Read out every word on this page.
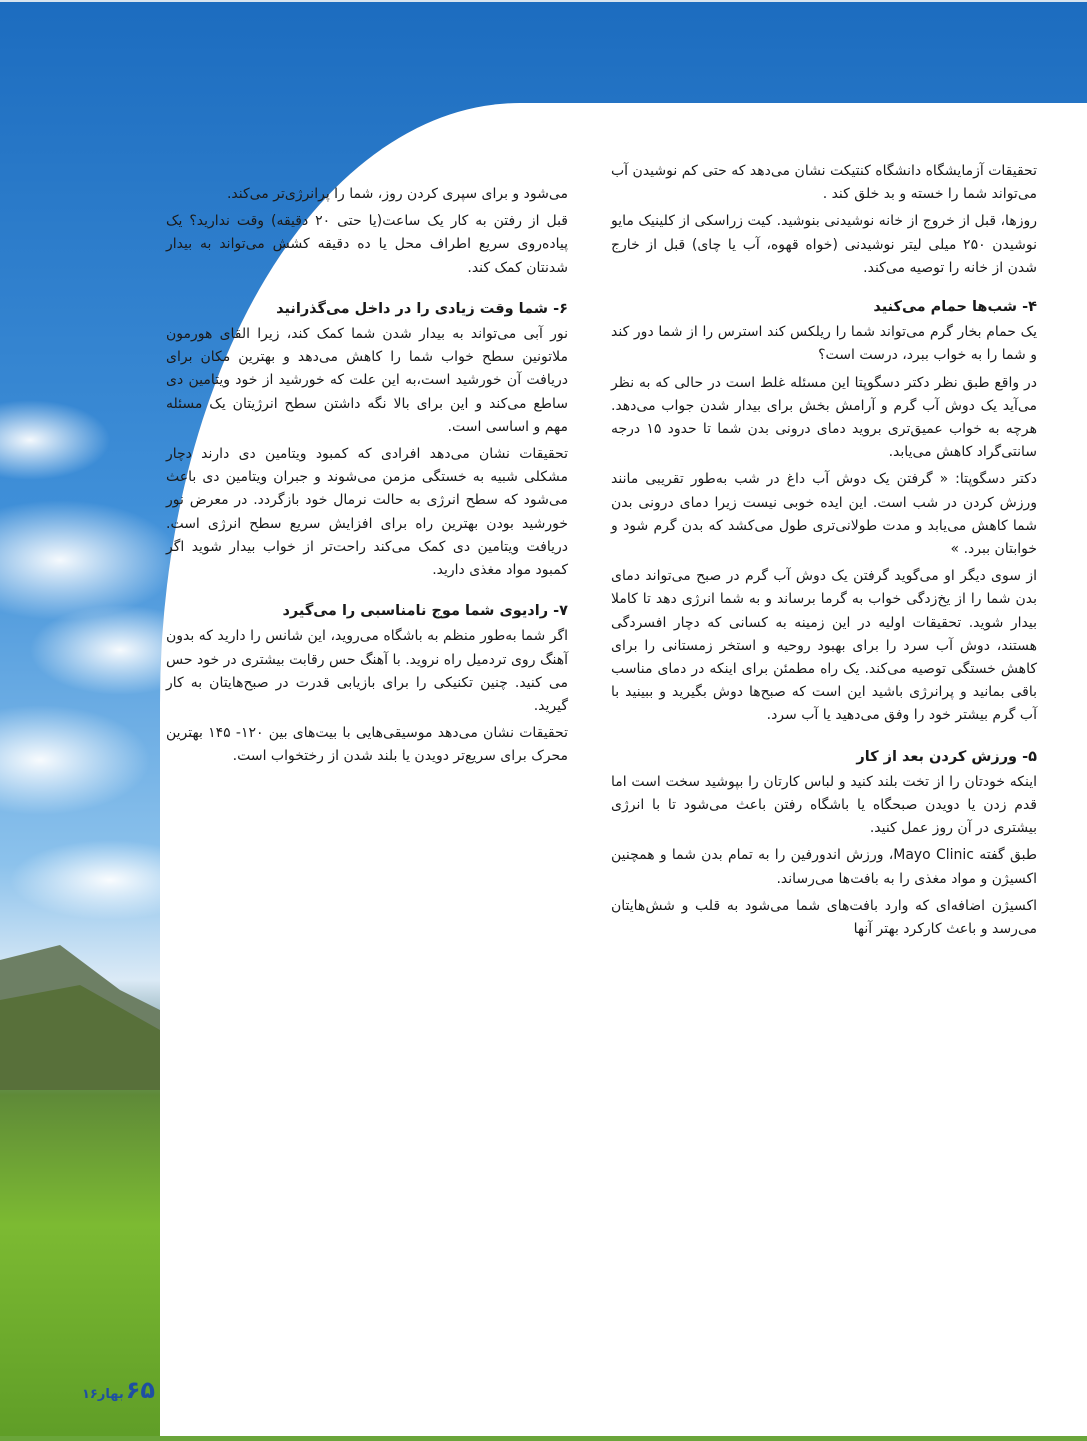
تحقیقات آزمایشگاه دانشگاه کنتیکت نشان می‌دهد که حتی کم نوشیدن آب می‌تواند شما را خسته و بد خلق کند .

روزها، قبل از خروج از خانه نوشیدنی بنوشید. کیت زراسکی از کلینیک مایو نوشیدن ۲۵۰ میلی لیتر نوشیدنی (خواه قهوه، آب یا چای) قبل از خارج شدن از خانه را توصیه می‌کند.

۴- شب‌ها حمام می‌کنید

یک حمام بخار گرم می‌تواند شما را ریلکس کند استرس را از شما دور کند و شما را به خواب ببرد، درست است؟

در واقع طبق نظر دکتر دسگوپتا این مسئله غلط است در حالی که به نظر می‌آید یک دوش آب گرم و آرامش بخش برای بیدار شدن جواب می‌دهد. هرچه به خواب عمیق‌تری بروید دمای درونی بدن شما تا حدود ۱۵ درجه سانتی‌گراد کاهش می‌یابد.

دکتر دسگوپتا: « گرفتن یک دوش آب داغ در شب به‌طور تقریبی مانند ورزش کردن در شب است. این ایده خوبی نیست زیرا دمای درونی بدن شما کاهش می‌یابد و مدت طولانی‌تری طول می‌کشد که بدن گرم شود و خوابتان ببرد. »

از سوی دیگر او می‌گوید گرفتن یک دوش آب گرم در صبح می‌تواند دمای بدن شما را از یخ‌زدگی خواب به گرما برساند و به شما انرژی دهد تا کاملا بیدار شوید. تحقیقات اولیه در این زمینه به کسانی که دچار افسردگی هستند، دوش آب سرد را برای بهبود روحیه و استخر زمستانی را برای کاهش خستگی توصیه می‌کند. یک راه مطمئن برای اینکه در دمای مناسب باقی بمانید و پرانرژی باشید این است که صبح‌ها دوش بگیرید و ببینید با آب گرم بیشتر خود را وفق می‌دهید یا آب سرد.

۵- ورزش کردن بعد از کار

اینکه خودتان را از تخت بلند کنید و لباس کارتان را بپوشید سخت است اما قدم زدن یا دویدن صبحگاه یا باشگاه رفتن باعث می‌شود تا با انرژی بیشتری در آن روز عمل کنید.

طبق گفته Mayo Clinic، ورزش اندورفین را به تمام بدن شما و همچنین اکسیژن و مواد مغذی را به بافت‌ها می‌رساند.

اکسیژن اضافه‌ای که وارد بافت‌های شما می‌شود به قلب و شش‌هایتان می‌رسد و باعث کارکرد بهتر آنها

می‌شود و برای سپری کردن روز، شما را پرانرژی‌تر می‌کند.

قبل از رفتن به کار یک ساعت(یا حتی ۲۰ دقیقه) وقت ندارید؟ یک پیاده‌روی سریع اطراف محل یا ده دقیقه کشش می‌تواند به بیدار شدنتان کمک کند.

۶- شما وقت زیادی را در داخل می‌گذرانید

نور آبی می‌تواند به بیدار شدن شما کمک کند، زیرا القای هورمون ملاتونین سطح خواب شما را کاهش می‌دهد و بهترین مکان برای دریافت آن خورشید است،به این علت که خورشید از خود ویتامین دی ساطع می‌کند و این برای بالا نگه داشتن سطح انرژیتان یک مسئله مهم و اساسی است.

تحقیقات نشان می‌دهد افرادی که کمبود ویتامین دی دارند دچار مشکلی شبیه به خستگی مزمن می‌شوند و جبران ویتامین دی باعث می‌شود که سطح انرژی به حالت نرمال خود بازگردد. در معرض نور خورشید بودن بهترین راه برای افزایش سریع سطح انرژی است. دریافت ویتامین دی کمک می‌کند راحت‌تر از خواب بیدار شوید اگر کمبود مواد مغذی دارید.

۷- رادیوی شما موج نامناسبی را می‌گیرد

اگر شما به‌طور منظم به باشگاه می‌روید، این شانس را دارید که بدون آهنگ روی تردمیل راه نروید. با آهنگ حس رقابت بیشتری در خود حس می کنید. چنین تکنیکی را برای بازیابی قدرت در صبح‌هایتان به کار گیرید.

تحقیقات نشان می‌دهد موسیقی‌هایی با بیت‌های بین ۱۲۰- ۱۴۵ بهترین محرک برای سریع‌تر دویدن یا بلند شدن از رختخواب است.

۶۵
بهار۱۶
